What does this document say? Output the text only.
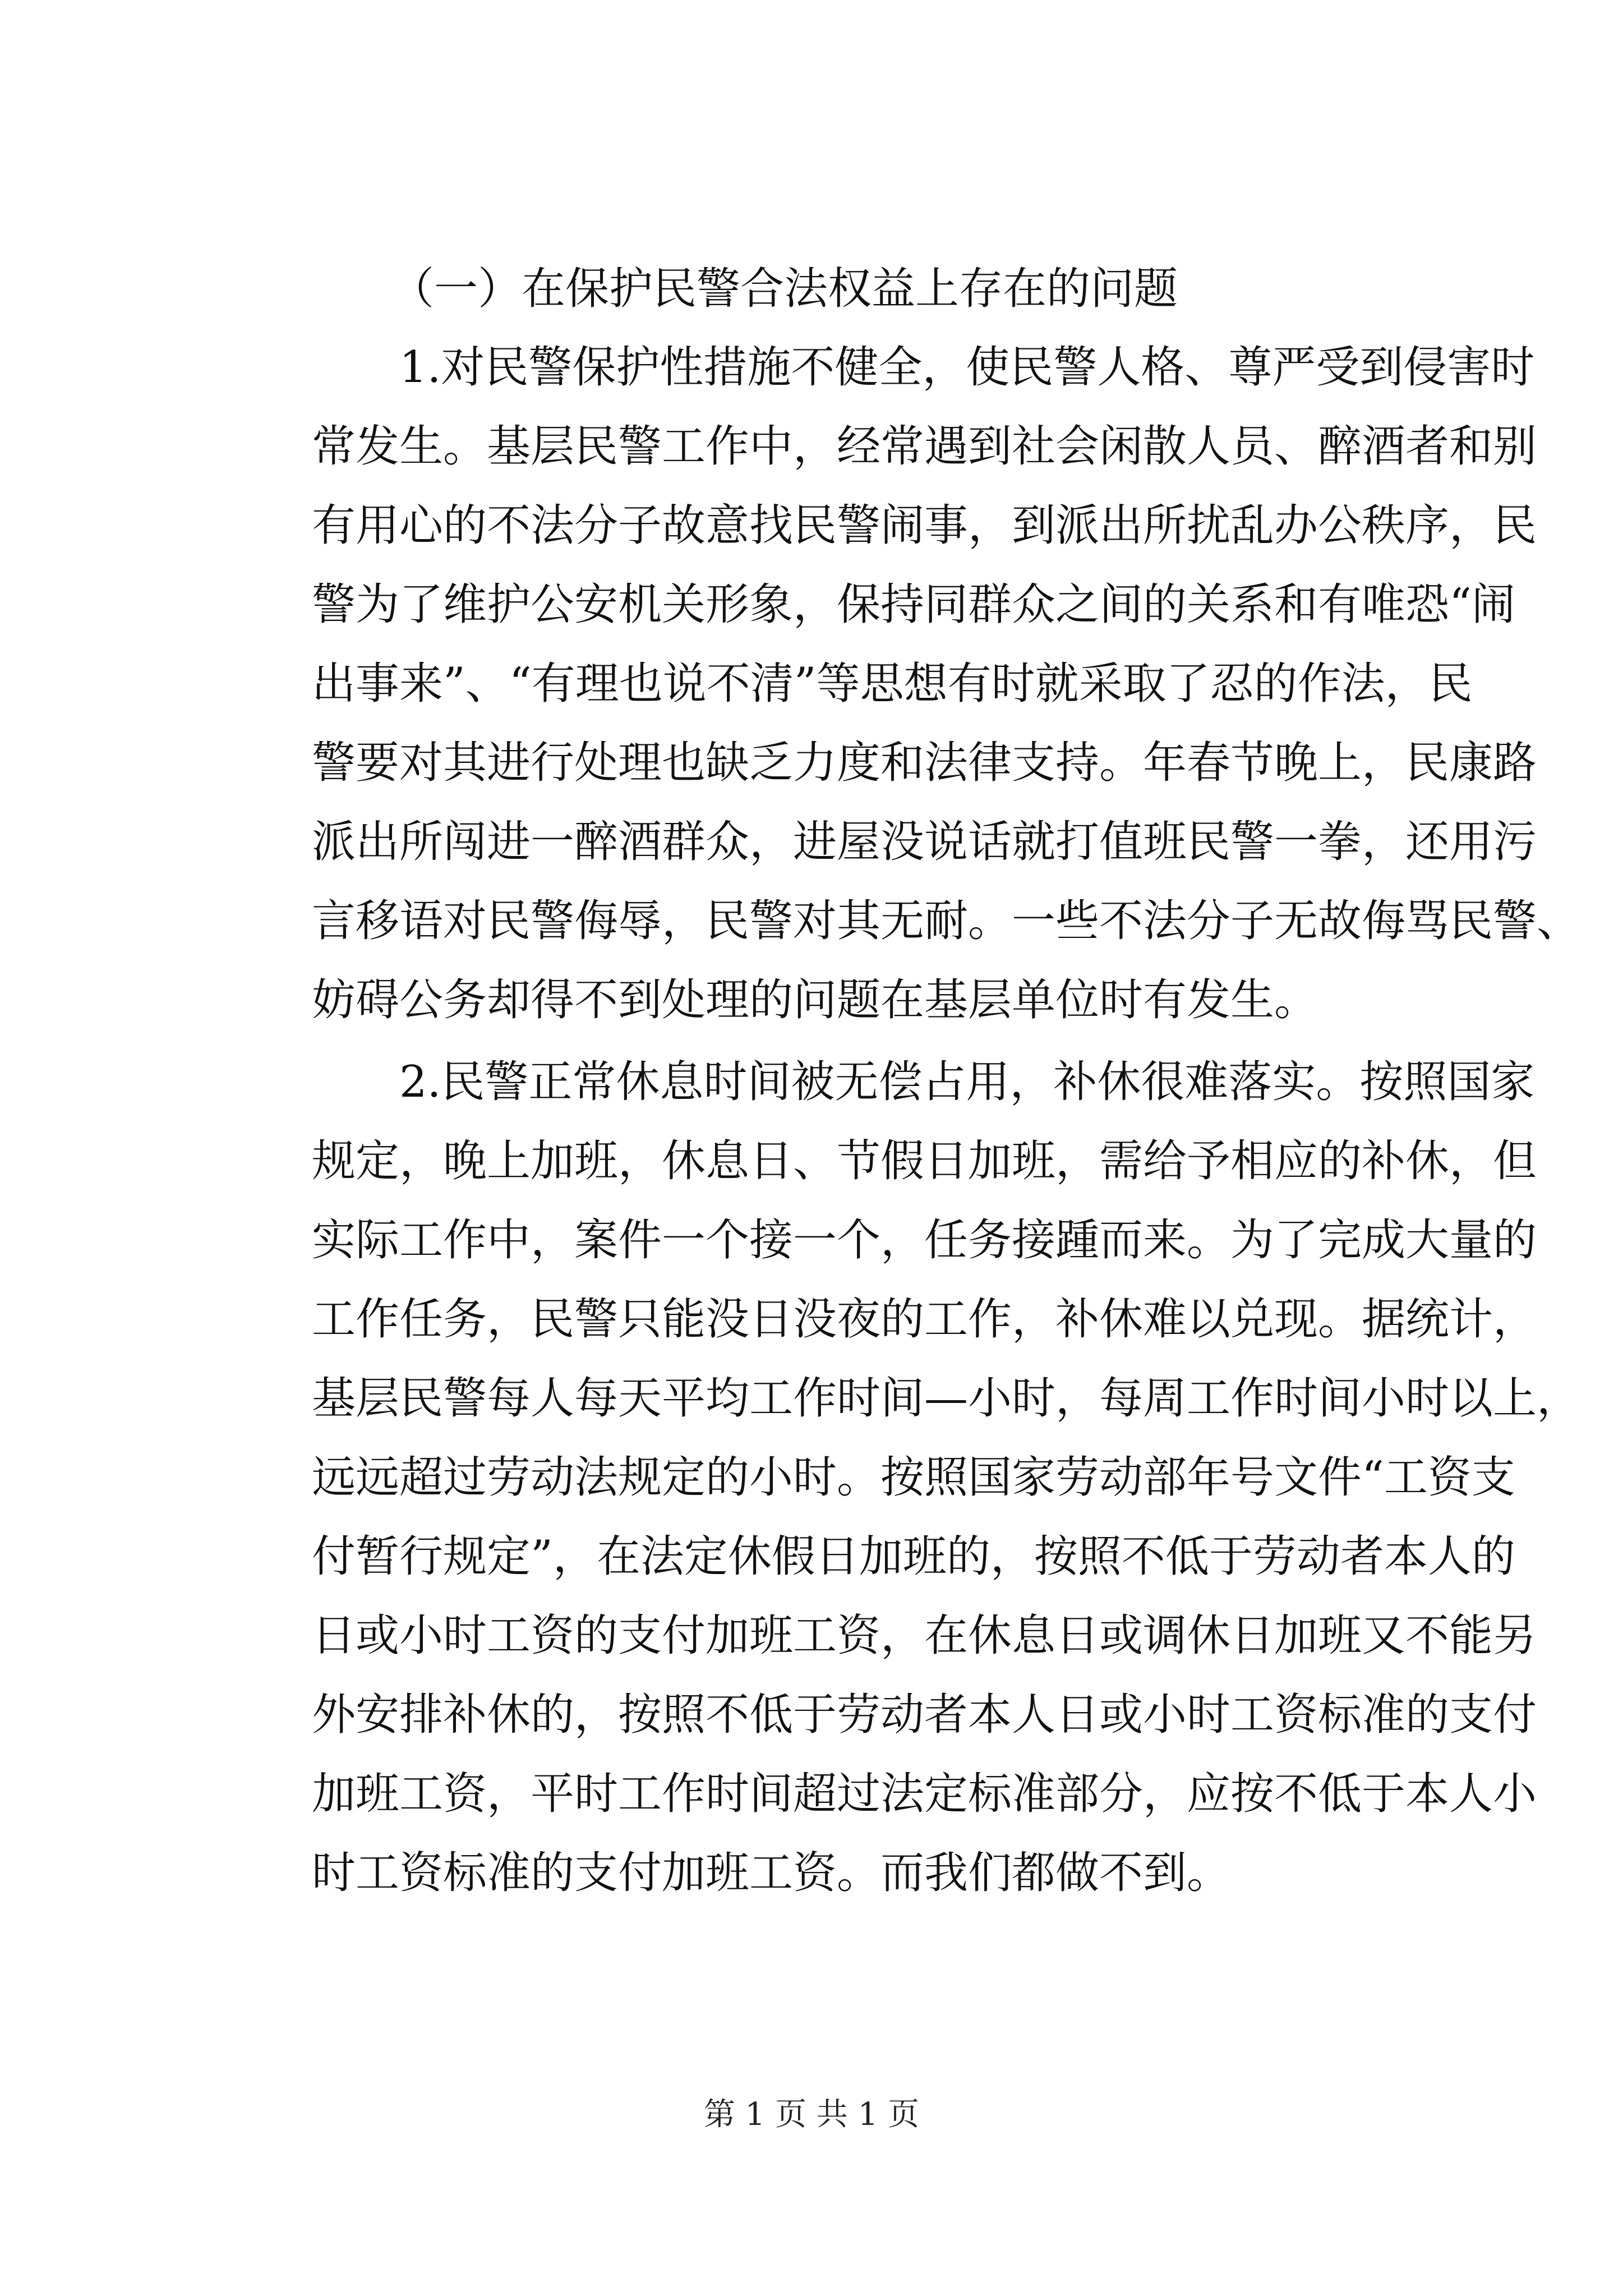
（一）在保护民警合法权益上存在的问题

1.对民警保护性措施不健全，使民警人格、尊严受到侵害时
常发生。基层民警工作中，经常遇到社会闲散人员、醉酒者和别
有用心的不法分子故意找民警闹事，到派出所扰乱办公秩序，民
警为了维护公安机关形象，保持同群众之间的关系和有唯恐“闹
出事来”、“有理也说不清”等思想有时就采取了忍的作法，民
警要对其进行处理也缺乏力度和法律支持。年春节晚上，民康路
派出所闯进一醉酒群众，进屋没说话就打值班民警一拳，还用污
言移语对民警侮辱，民警对其无耐。一些不法分子无故侮骂民警、
妨碍公务却得不到处理的问题在基层单位时有发生。
2.民警正常休息时间被无偿占用，补休很难落实。按照国家
规定，晚上加班，休息日、节假日加班，需给予相应的补休，但
实际工作中，案件一个接一个，任务接踵而来。为了完成大量的
工作任务，民警只能没日没夜的工作，补休难以兑现。据统计，
基层民警每人每天平均工作时间—小时，每周工作时间小时以上，
远远超过劳动法规定的小时。按照国家劳动部年号文件“工资支
付暂行规定”，在法定休假日加班的，按照不低于劳动者本人的
日或小时工资的支付加班工资，在休息日或调休日加班又不能另
外安排补休的，按照不低于劳动者本人日或小时工资标准的支付
加班工资，平时工作时间超过法定标准部分，应按不低于本人小
时工资标准的支付加班工资。而我们都做不到。
第 1 页 共 1 页
